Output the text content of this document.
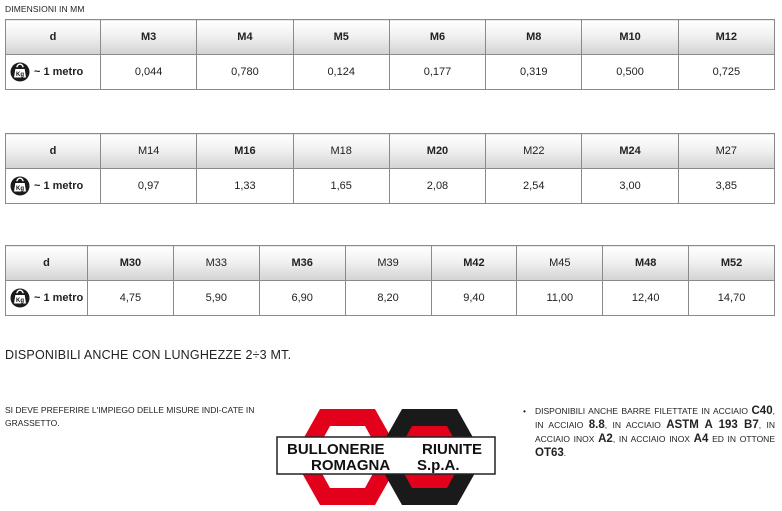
DIMENSIONI IN MM
d	M3	M4	M5	M6	M8	M10	M12

Kg ~ 1 metro	0,044	0,780	0,124	0,177	0,319	0,500	0,725
d	M14	M16	M18	M20	M22	M24	M27

Kg ~ 1 metro	0,97	1,33	1,65	2,08	2,54	3,00	3,85
d	M30	M33	M36	M39	M42	M45	M48	M52

Kg ~ 1 metro	4,75	5,90	6,90	8,20	9,40	11,00	12,40	14,70
DISPONIBILI ANCHE CON LUNGHEZZE 2÷3 MT.
SI DEVE PREFERIRE L'IMPIEGO DELLE MISURE INDI-CATE IN GRASSETTO.
BULLONERIE	RIUNITE
ROMAGNA S.p.A.
• DISPONIBILI ANCHE BARRE FILETTATE IN ACCIAIO C40, IN ACCIAIO 8.8, IN ACCIAIO ASTM A 193 B7, IN ACCIAIO INOX A2, IN ACCIAIO INOX A4 ED IN OTTONE OT63.
